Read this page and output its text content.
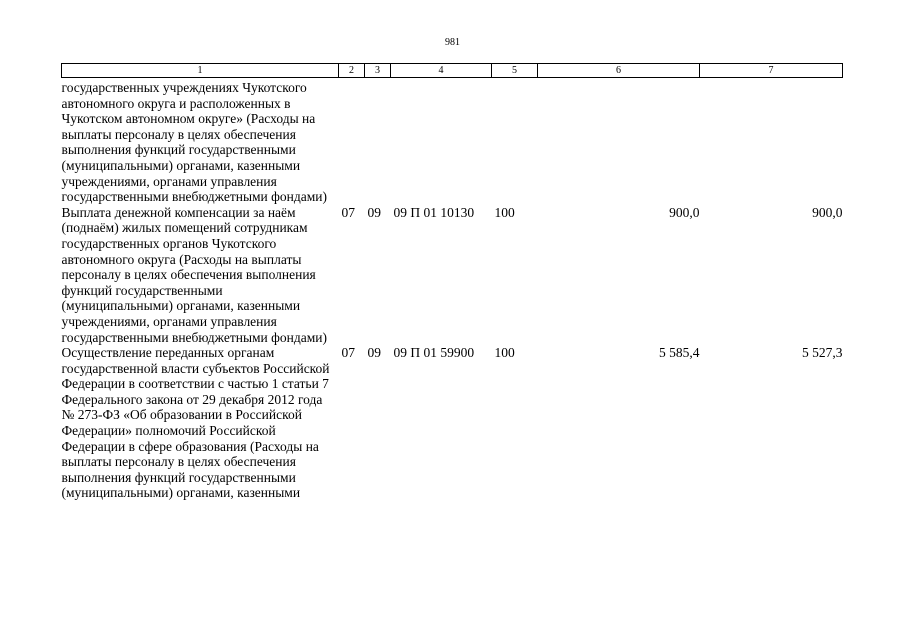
981
1	2	3	4	5	6	7
государственных учреждениях Чукотского автономного округа и расположенных в Чукотском автономном округе» (Расходы на выплаты персоналу в целях обеспечения выполнения функций государственными (муниципальными) органами, казенными учреждениями, органами управления государственными внебюджетными фондами)						
Выплата денежной компенсации за наём (поднаём) жилых помещений сотрудникам государственных органов Чукотского автономного округа (Расходы на выплаты персоналу в целях обеспечения выполнения функций государственными (муниципальными) органами, казенными учреждениями, органами управления государственными внебюджетными фондами)	07	09	09 П 01 10130	100	900,0	900,0
Осуществление переданных органам государственной власти субъектов Российской Федерации в соответствии с частью 1 статьи 7 Федерального закона от 29 декабря 2012 года № 273-ФЗ «Об образовании в Российской Федерации» полномочий Российской Федерации в сфере образования (Расходы на выплаты персоналу в целях обеспечения выполнения функций государственными (муниципальными) органами, казенными	07	09	09 П 01 59900	100	5 585,4	5 527,3
